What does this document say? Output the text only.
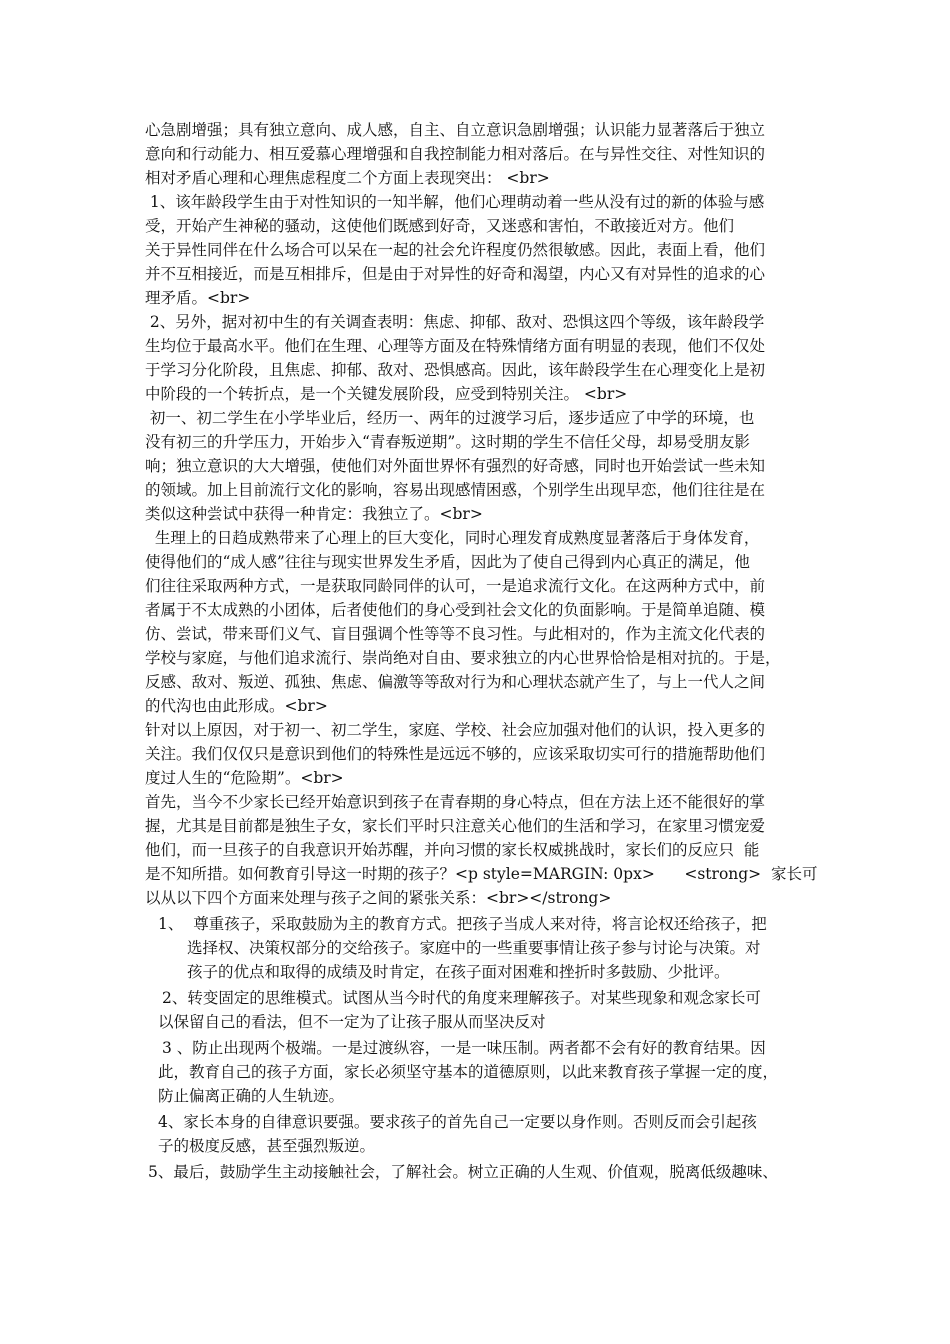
心急剧增强；具有独立意向、成人感，自主、自立意识急剧增强；认识能力显著落后于独立
意向和行动能力、相互爱慕心理增强和自我控制能力相对落后。在与异性交往、对性知识的
相对矛盾心理和心理焦虑程度二个方面上表现突出： <br>
1、该年龄段学生由于对性知识的一知半解，他们心理萌动着一些从没有过的新的体验与感
受，开始产生神秘的骚动，这使他们既感到好奇，又迷惑和害怕，不敢接近对方。他们
关于异性同伴在什么场合可以呆在一起的社会允许程度仍然很敏感。因此，表面上看，他们
并不互相接近，而是互相排斥，但是由于对异性的好奇和渴望，内心又有对异性的追求的心
理矛盾。<br>
2、另外，据对初中生的有关调查表明：焦虑、抑郁、敌对、恐惧这四个等级，该年龄段学
生均位于最高水平。他们在生理、心理等方面及在特殊情绪方面有明显的表现，他们不仅处
于学习分化阶段，且焦虑、抑郁、敌对、恐惧感高。因此，该年龄段学生在心理变化上是初
中阶段的一个转折点，是一个关键发展阶段，应受到特别关注。 <br>
初一、初二学生在小学毕业后，经历一、两年的过渡学习后，逐步适应了中学的环境，也
没有初三的升学压力，开始步入“青春叛逆期”。这时期的学生不信任父母，却易受朋友影
响；独立意识的大大增强，使他们对外面世界怀有强烈的好奇感，同时也开始尝试一些未知
的领域。加上目前流行文化的影响，容易出现感情困惑，个别学生出现早恋，他们往往是在
类似这种尝试中获得一种肯定：我独立了。<br>
生理上的日趋成熟带来了心理上的巨大变化，同时心理发育成熟度显著落后于身体发育，
使得他们的“成人感”往往与现实世界发生矛盾，因此为了使自己得到内心真正的满足，他
们往往采取两种方式，一是获取同龄同伴的认可，一是追求流行文化。在这两种方式中，前
者属于不太成熟的小团体，后者使他们的身心受到社会文化的负面影响。于是简单追随、模
仿、尝试，带来哥们义气、盲目强调个性等等不良习性。与此相对的，作为主流文化代表的
学校与家庭，与他们追求流行、崇尚绝对自由、要求独立的内心世界恰恰是相对抗的。于是，
反感、敌对、叛逆、孤独、焦虑、偏激等等敌对行为和心理状态就产生了，与上一代人之间
的代沟也由此形成。<br>
针对以上原因，对于初一、初二学生，家庭、学校、社会应加强对他们的认识，投入更多的
关注。我们仅仅只是意识到他们的特殊性是远远不够的，应该采取切实可行的措施帮助他们
度过人生的“危险期”。<br>
首先，当今不少家长已经开始意识到孩子在青春期的身心特点，但在方法上还不能很好的掌
握，尤其是目前都是独生子女，家长们平时只注意关心他们的生活和学习，在家里习惯宠爱
他们，而一旦孩子的自我意识开始苏醒，并向习惯的家长权威挑战时，家长们的反应只  能
是不知所措。如何教育引导这一时期的孩子？<p style=MARGIN: 0px>      <strong>  家长可
以从以下四个方面来处理与孩子之间的紧张关系：<br></strong>
1、  尊重孩子，采取鼓励为主的教育方式。把孩子当成人来对待，将言论权还给孩子，把
选择权、决策权部分的交给孩子。家庭中的一些重要事情让孩子参与讨论与决策。对
孩子的优点和取得的成绩及时肯定，在孩子面对困难和挫折时多鼓励、少批评。
2、转变固定的思维模式。试图从当今时代的角度来理解孩子。对某些现象和观念家长可
以保留自己的看法，但不一定为了让孩子服从而坚决反对
3 、防止出现两个极端。一是过渡纵容，一是一味压制。两者都不会有好的教育结果。因
此，教育自己的孩子方面，家长必须坚守基本的道德原则，以此来教育孩子掌握一定的度，
防止偏离正确的人生轨迹。
4、家长本身的自律意识要强。要求孩子的首先自己一定要以身作则。否则反而会引起孩
子的极度反感，甚至强烈叛逆。
5、最后，鼓励学生主动接触社会，了解社会。树立正确的人生观、价值观，脱离低级趣味、
